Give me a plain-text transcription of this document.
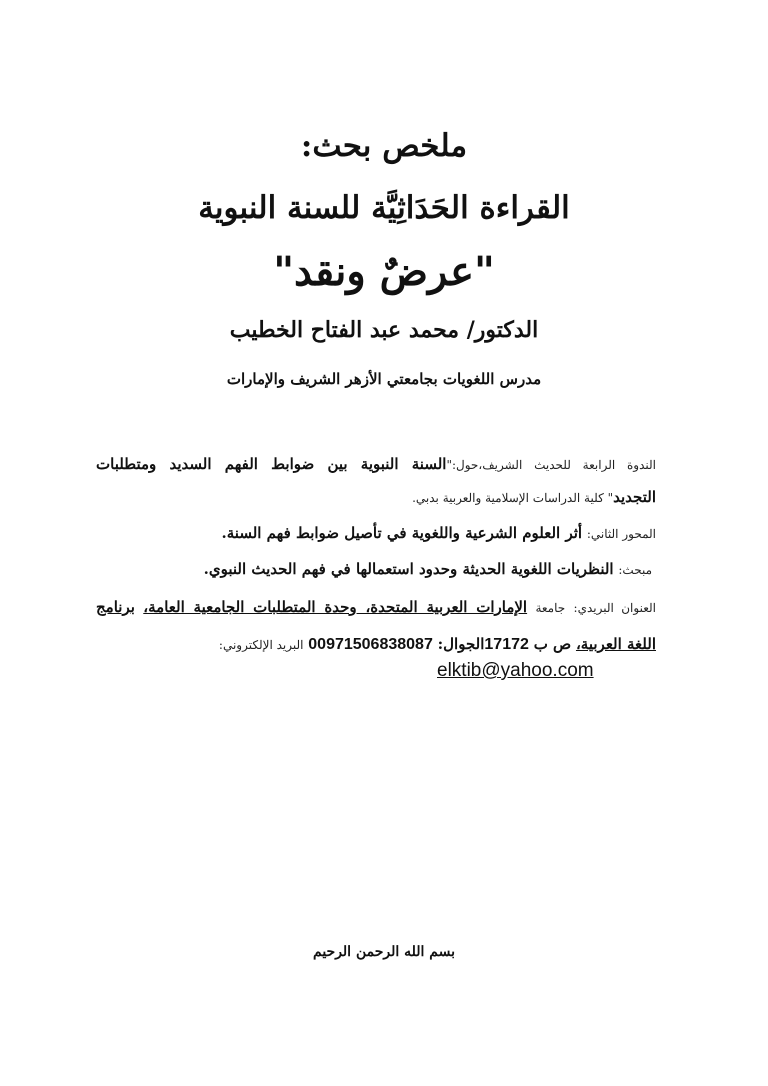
ملخص بحث:
القراءة الحَدَاثِيَّة للسنة النبوية
"عرضٌ ونقد"
الدكتور/ محمد عبد الفتاح الخطيب
مدرس اللغويات بجامعتي الأزهر الشريف والإمارات
الندوة الرابعة للحديث الشريف،حول:"السنة النبوية بين ضوابط الفهم السديد ومتطلبات
التجديد" كلية الدراسات الإسلامية والعربية بدبي.
المحور الثاني: أثر العلوم الشرعية واللغوية في تأصيل ضوابط فهم السنة.
مبحث: النظريات اللغوية الحديثة وحدود استعمالها في فهم الحديث النبوي.
العنوان البريدي: جامعة الإمارات العربية المتحدة، وحدة المتطلبات الجامعية العامة، برنامج
اللغة العربية، ص ب 17172الجوال: 00971506838087 البريد الإلكتروني:
elktib@yahoo.com
بسم الله الرحمن الرحيم
